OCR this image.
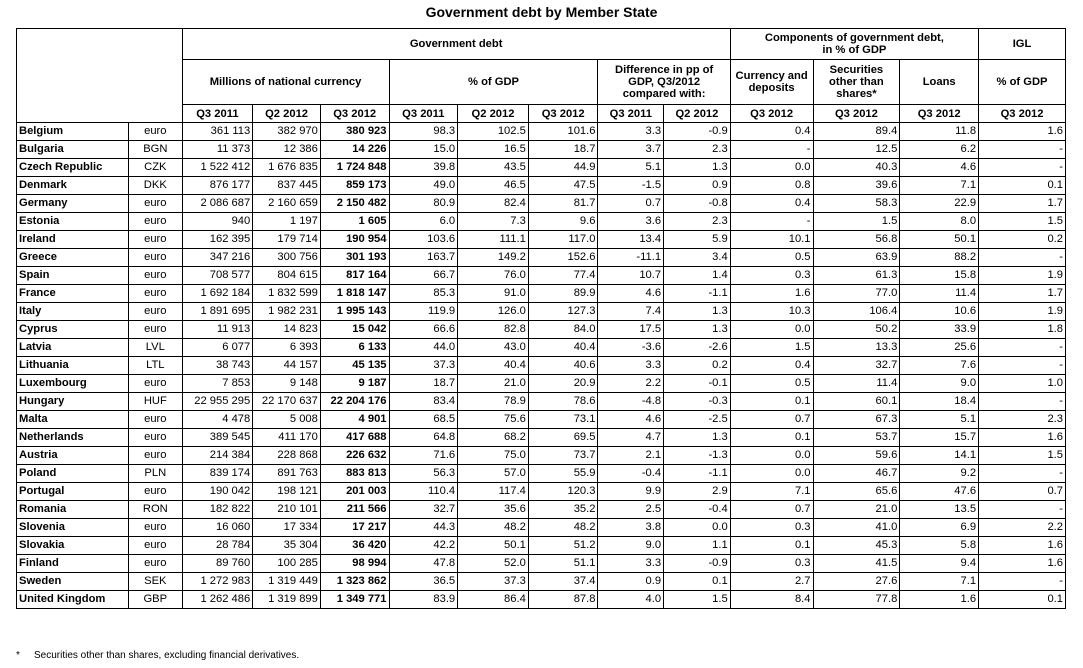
Government debt by Member State
		Government debt								Components of government debt,
in % of GDP			IGL
		Millions of national currency			% of GDP			Difference in pp of
GDP, Q3/2012
compared with:		Currency and
deposits	Securities
other than
shares*	Loans	% of GDP
		Q3 2011	Q2 2012	Q3 2012	Q3 2011	Q2 2012	Q3 2012	Q3 2011	Q2 2012	Q3 2012	Q3 2012	Q3 2012	Q3 2012
Belgium	euro	361 113	382 970	380 923	98.3	102.5	101.6	3.3	-0.9	0.4	89.4	11.8	1.6
Bulgaria	BGN	11 373	12 386	14 226	15.0	16.5	18.7	3.7	2.3	-	12.5	6.2	-
Czech Republic	CZK	1 522 412	1 676 835	1 724 848	39.8	43.5	44.9	5.1	1.3	0.0	40.3	4.6	-
Denmark	DKK	876 177	837 445	859 173	49.0	46.5	47.5	-1.5	0.9	0.8	39.6	7.1	0.1
Germany	euro	2 086 687	2 160 659	2 150 482	80.9	82.4	81.7	0.7	-0.8	0.4	58.3	22.9	1.7
Estonia	euro	940	1 197	1 605	6.0	7.3	9.6	3.6	2.3	-	1.5	8.0	1.5
Ireland	euro	162 395	179 714	190 954	103.6	111.1	117.0	13.4	5.9	10.1	56.8	50.1	0.2
Greece	euro	347 216	300 756	301 193	163.7	149.2	152.6	-11.1	3.4	0.5	63.9	88.2	-
Spain	euro	708 577	804 615	817 164	66.7	76.0	77.4	10.7	1.4	0.3	61.3	15.8	1.9
France	euro	1 692 184	1 832 599	1 818 147	85.3	91.0	89.9	4.6	-1.1	1.6	77.0	11.4	1.7
Italy	euro	1 891 695	1 982 231	1 995 143	119.9	126.0	127.3	7.4	1.3	10.3	106.4	10.6	1.9
Cyprus	euro	11 913	14 823	15 042	66.6	82.8	84.0	17.5	1.3	0.0	50.2	33.9	1.8
Latvia	LVL	6 077	6 393	6 133	44.0	43.0	40.4	-3.6	-2.6	1.5	13.3	25.6	-
Lithuania	LTL	38 743	44 157	45 135	37.3	40.4	40.6	3.3	0.2	0.4	32.7	7.6	-
Luxembourg	euro	7 853	9 148	9 187	18.7	21.0	20.9	2.2	-0.1	0.5	11.4	9.0	1.0
Hungary	HUF	22 955 295	22 170 637	22 204 176	83.4	78.9	78.6	-4.8	-0.3	0.1	60.1	18.4	-
Malta	euro	4 478	5 008	4 901	68.5	75.6	73.1	4.6	-2.5	0.7	67.3	5.1	2.3
Netherlands	euro	389 545	411 170	417 688	64.8	68.2	69.5	4.7	1.3	0.1	53.7	15.7	1.6
Austria	euro	214 384	228 868	226 632	71.6	75.0	73.7	2.1	-1.3	0.0	59.6	14.1	1.5
Poland	PLN	839 174	891 763	883 813	56.3	57.0	55.9	-0.4	-1.1	0.0	46.7	9.2	-
Portugal	euro	190 042	198 121	201 003	110.4	117.4	120.3	9.9	2.9	7.1	65.6	47.6	0.7
Romania	RON	182 822	210 101	211 566	32.7	35.6	35.2	2.5	-0.4	0.7	21.0	13.5	-
Slovenia	euro	16 060	17 334	17 217	44.3	48.2	48.2	3.8	0.0	0.3	41.0	6.9	2.2
Slovakia	euro	28 784	35 304	36 420	42.2	50.1	51.2	9.0	1.1	0.1	45.3	5.8	1.6
Finland	euro	89 760	100 285	98 994	47.8	52.0	51.1	3.3	-0.9	0.3	41.5	9.4	1.6
Sweden	SEK	1 272 983	1 319 449	1 323 862	36.5	37.3	37.4	0.9	0.1	2.7	27.6	7.1	-
United Kingdom	GBP	1 262 486	1 319 899	1 349 771	83.9	86.4	87.8	4.0	1.5	8.4	77.8	1.6	0.1
* Securities other than shares, excluding financial derivatives.
